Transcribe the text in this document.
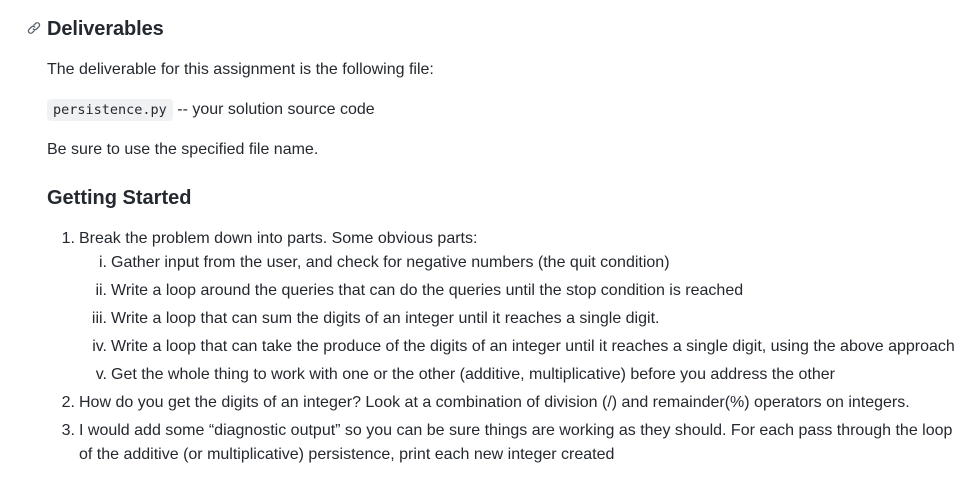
Deliverables

The deliverable for this assignment is the following file:

persistence.py -- your solution source code

Be sure to use the specified file name.

Getting Started
1. Break the problem down into parts. Some obvious parts:
i. Gather input from the user, and check for negative numbers (the quit condition)
ii. Write a loop around the queries that can do the queries until the stop condition is reached
iii. Write a loop that can sum the digits of an integer until it reaches a single digit.
iv. Write a loop that can take the produce of the digits of an integer until it reaches a single digit, using the above approach
v. Get the whole thing to work with one or the other (additive, multiplicative) before you address the other
2. How do you get the digits of an integer? Look at a combination of division (/) and remainder(%) operators on integers.
3. I would add some “diagnostic output” so you can be sure things are working as they should. For each pass through the loop of the additive (or multiplicative) persistence, print each new integer created
